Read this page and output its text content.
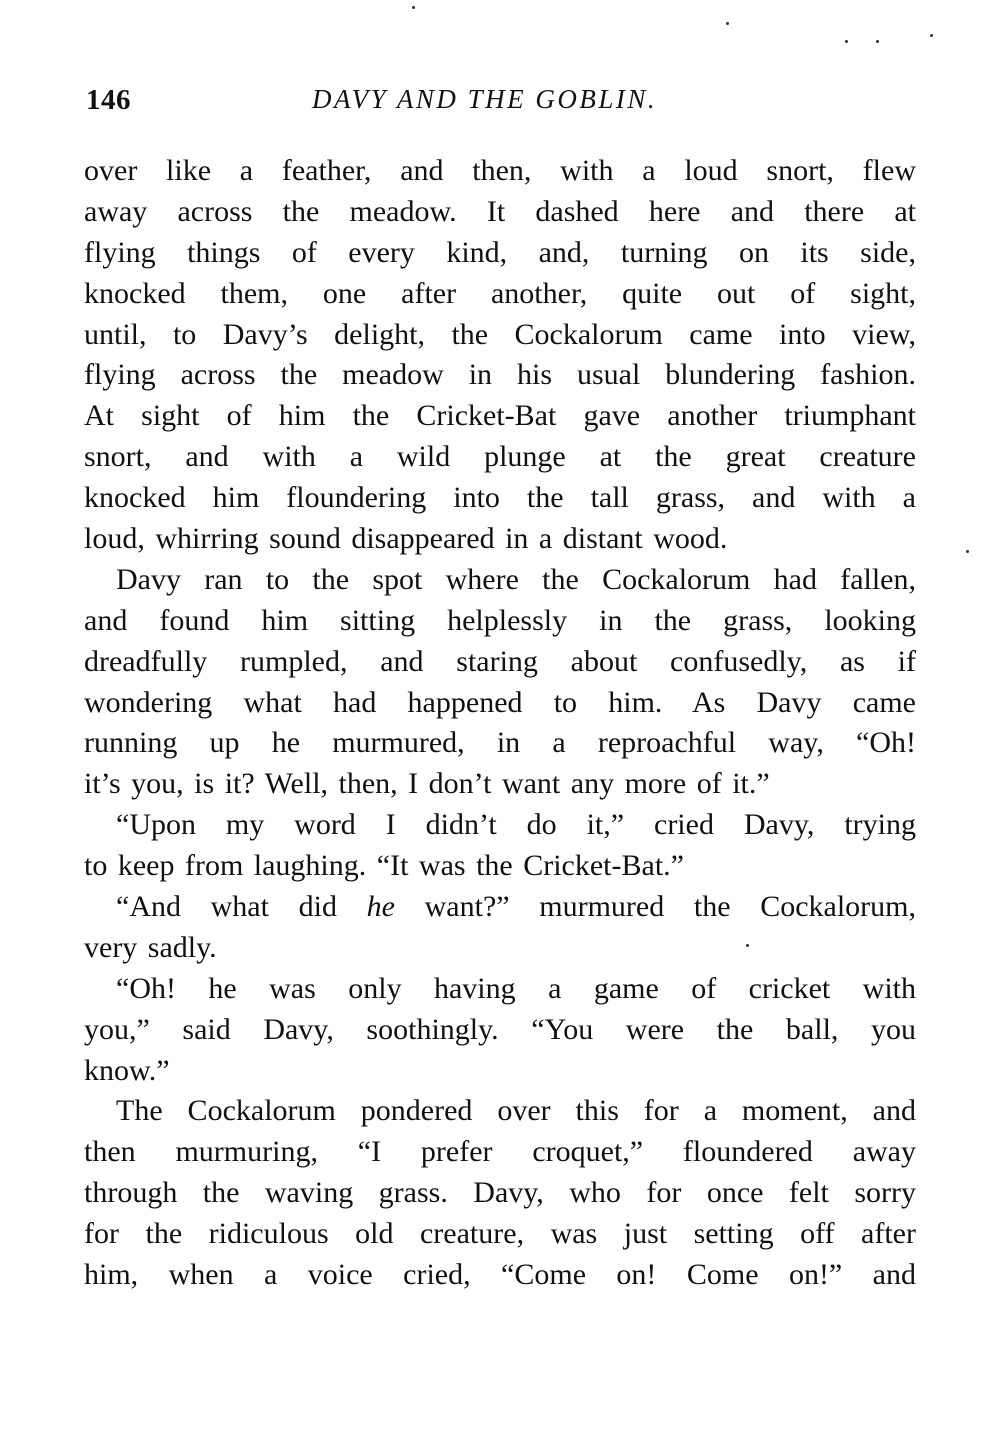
146	DAVY AND THE GOBLIN.
over like a feather, and then, with a loud snort, flew
away across the meadow. It dashed here and there at
flying things of every kind, and, turning on its side,
knocked them, one after another, quite out of sight,
until, to Davy’s delight, the Cockalorum came into view,
flying across the meadow in his usual blundering fashion.
At sight of him the Cricket-Bat gave another triumphant
snort, and with a wild plunge at the great creature
knocked him floundering into the tall grass, and with a
loud, whirring sound disappeared in a distant wood.
Davy ran to the spot where the Cockalorum had fallen,
and found him sitting helplessly in the grass, looking
dreadfully rumpled, and staring about confusedly, as if
wondering what had happened to him. As Davy came
running up he murmured, in a reproachful way, “Oh!
it’s you, is it? Well, then, I don’t want any more of it.”
“Upon my word I didn’t do it,” cried Davy, trying
to keep from laughing. “It was the Cricket-Bat.”
“And what did he want?” murmured the Cockalorum,
very sadly.
“Oh! he was only having a game of cricket with
you,” said Davy, soothingly. “You were the ball, you
know.”
The Cockalorum pondered over this for a moment, and
then murmuring, “I prefer croquet,” floundered away
through the waving grass. Davy, who for once felt sorry
for the ridiculous old creature, was just setting off after
him, when a voice cried, “Come on! Come on!” and
